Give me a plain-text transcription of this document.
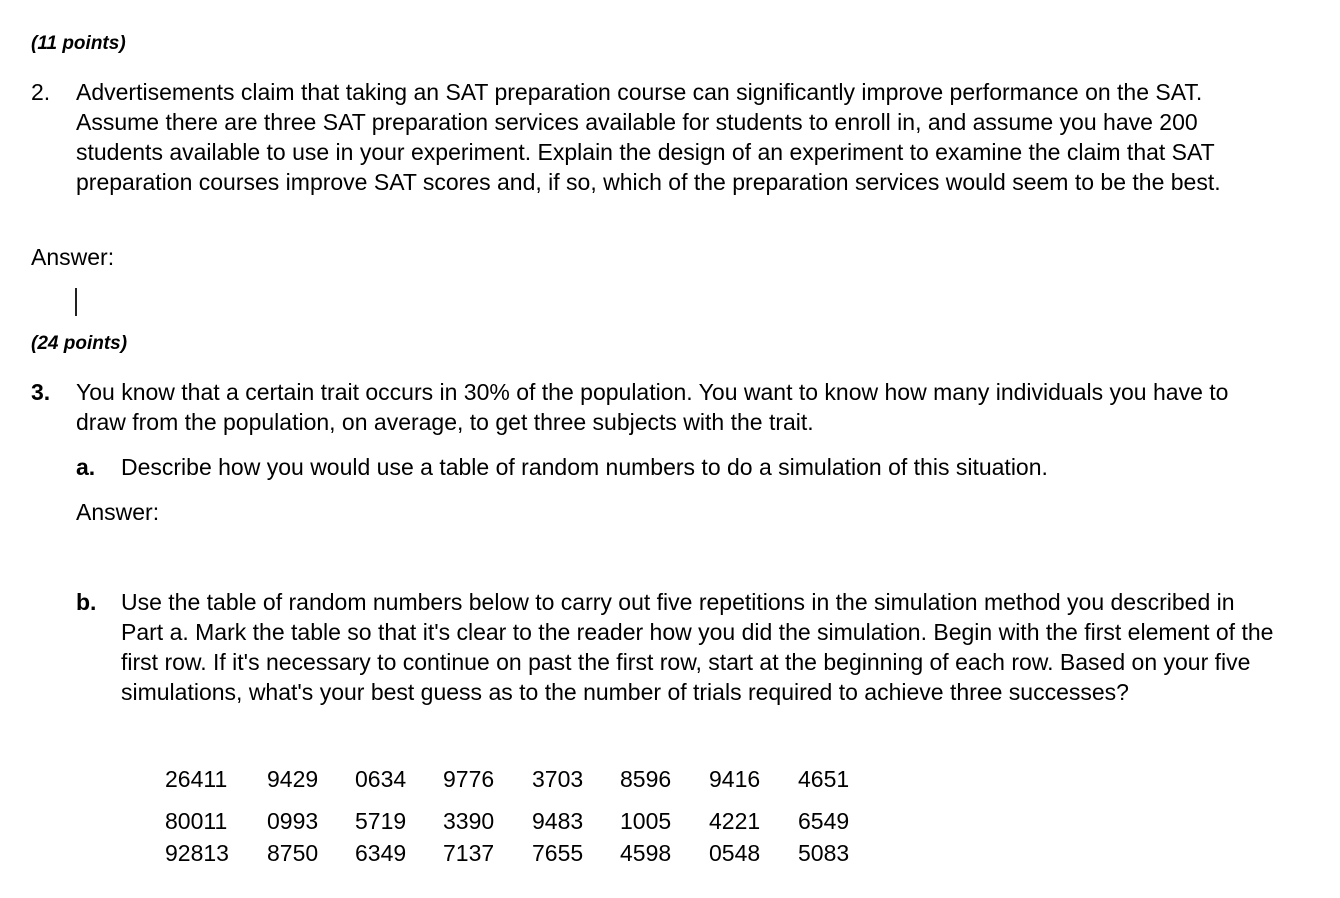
(11 points)
2. Advertisements claim that taking an SAT preparation course can significantly improve performance on the SAT. Assume there are three SAT preparation services available for students to enroll in, and assume you have 200 students available to use in your experiment. Explain the design of an experiment to examine the claim that SAT preparation courses improve SAT scores and, if so, which of the preparation services would seem to be the best.
Answer:
(24 points)
3. You know that a certain trait occurs in 30% of the population. You want to know how many individuals you have to draw from the population, on average, to get three subjects with the trait.
a. Describe how you would use a table of random numbers to do a simulation of this situation.
Answer:
b. Use the table of random numbers below to carry out five repetitions in the simulation method you described in Part a. Mark the table so that it's clear to the reader how you did the simulation. Begin with the first element of the first row. If it's necessary to continue on past the first row, start at the beginning of each row. Based on your five simulations, what's your best guess as to the number of trials required to achieve three successes?
26411	9429	0634	9776	3703	8596	9416	4651
80011	0993	5719	3390	9483	1005	4221	6549
92813	8750	6349	7137	7655	4598	0548	5083
